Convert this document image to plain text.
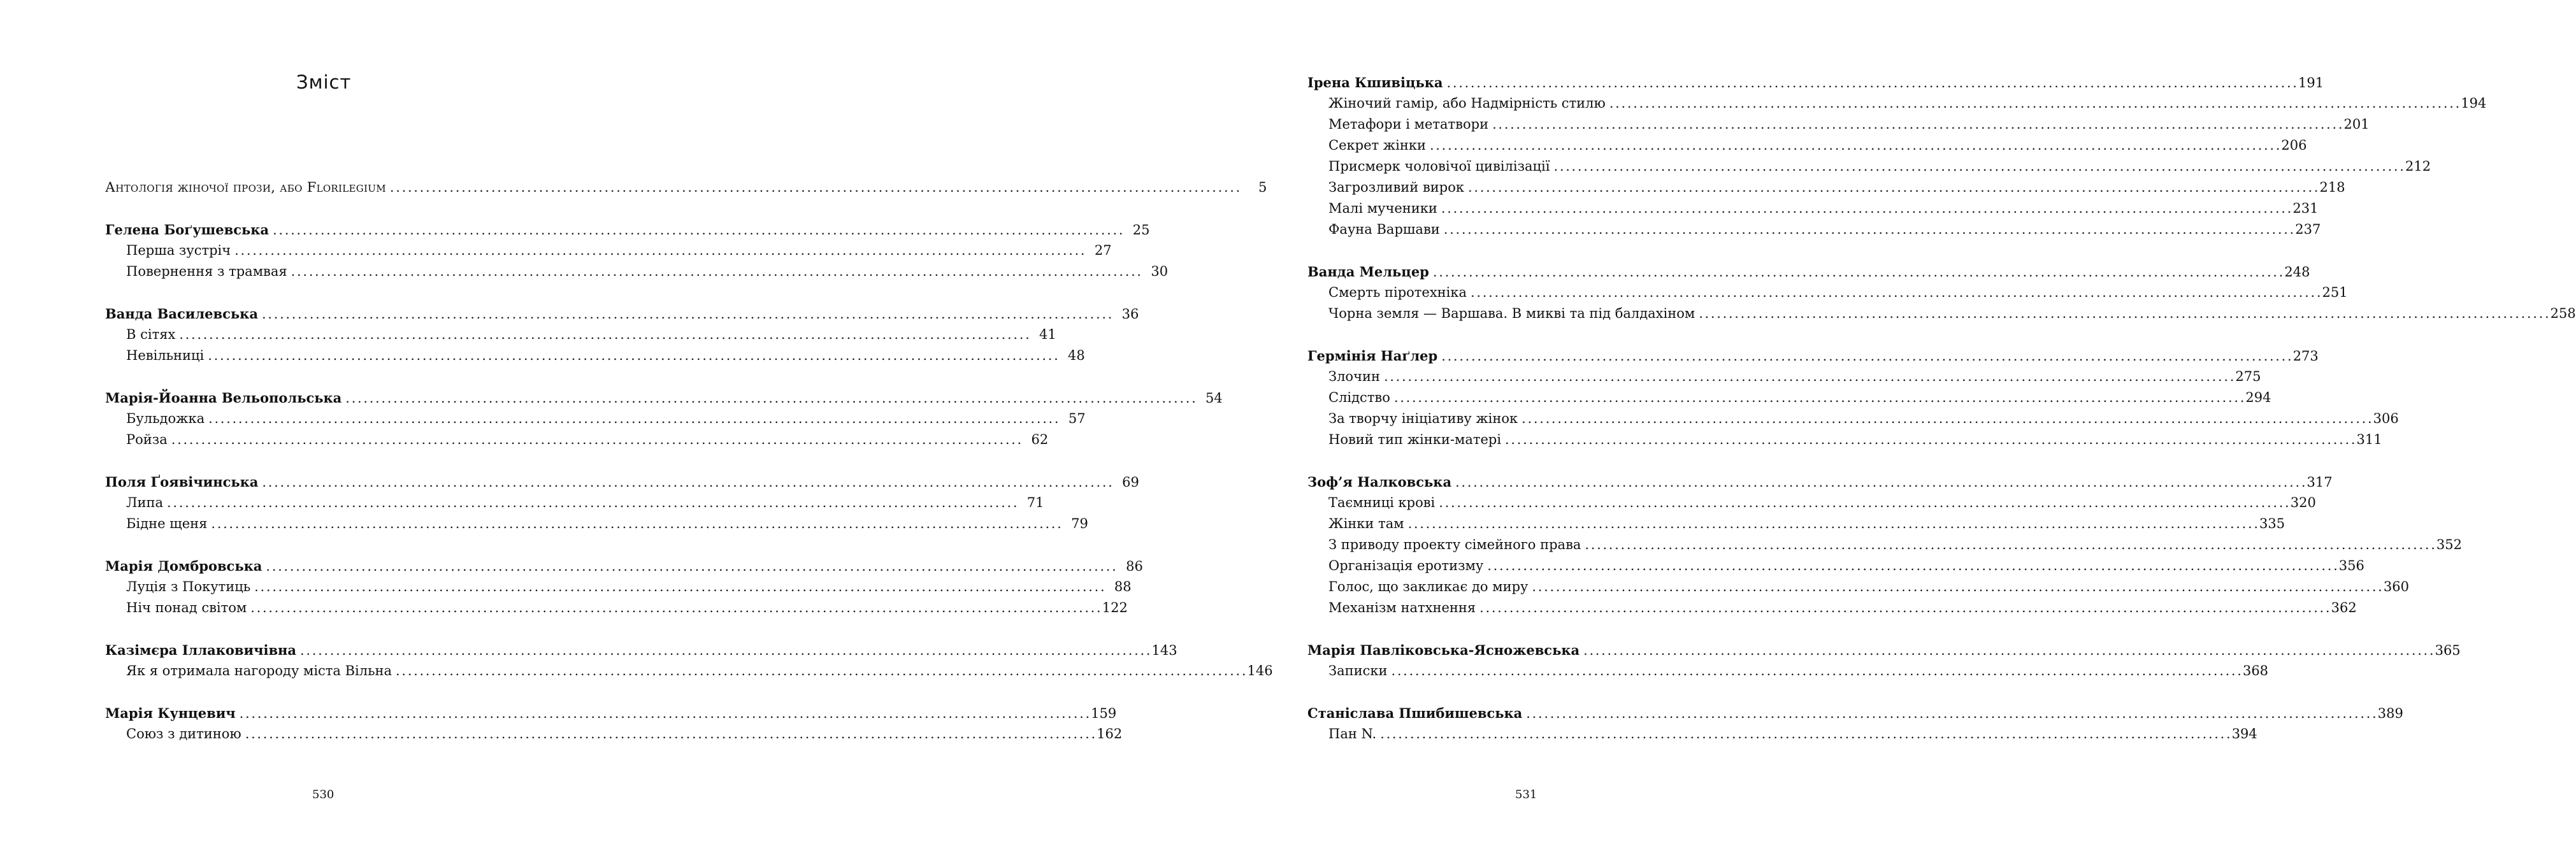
Зміст
Антологія жіночої прози, або Florilegium . . .	5
Гелена Боґушевська . . .	25
Перша зустріч . . .	27
Повернення з трамвая . . .	30
Ванда Василевська . . .	36
В сітях . . .	41
Невільниці . . .	48
Марія-Йоанна Вельопольська . . .	54
Бульдожка . . .	57
Ройза . . .	62
Поля Ґоявічинська . . .	69
Липа . . .	71
Бідне щеня . . .	79
Марія Домбровська . . .	86
Луція з Покутиць . . .	88
Ніч понад світом . . .	122
Казімєра Іллаковичівна . . .	143
Як я отримала нагороду міста Вільна . . .	146
Марія Кунцевич . . .	159
Союз з дитиною . . .	162

530

Ірена Кшивіцька . . .	191
Жіночий гамір, або Надмірність стилю . . .	194
Метафори і метатвори . . .	201
Секрет жінки . . .	206
Присмерк чоловічої цивілізації . . .	212
Загрозливий вирок . . .	218
Малі мученики . . .	231
Фауна Варшави . . .	237
Ванда Мельцер . . .	248
Смерть піротехніка . . .	251
Чорна земля — Варшава. В микві та під балдахіном . . .	258
Гермінія Наґлер . . .	273
Злочин . . .	275
Слідство . . .	294
За творчу ініціативу жінок . . .	306
Новий тип жінки-матері . . .	311
Зоф’я Налковська . . .	317
Таємниці крові . . .	320
Жінки там . . .	335
З приводу проекту сімейного права . . .	352
Організація еротизму . . .	356
Голос, що закликає до миру . . .	360
Механізм натхнення . . .	362
Марія Павліковська-Ясножевська . . .	365
Записки . . .	368
Станіслава Пшибишевська . . .	389
Пан N. . . .	394

531
